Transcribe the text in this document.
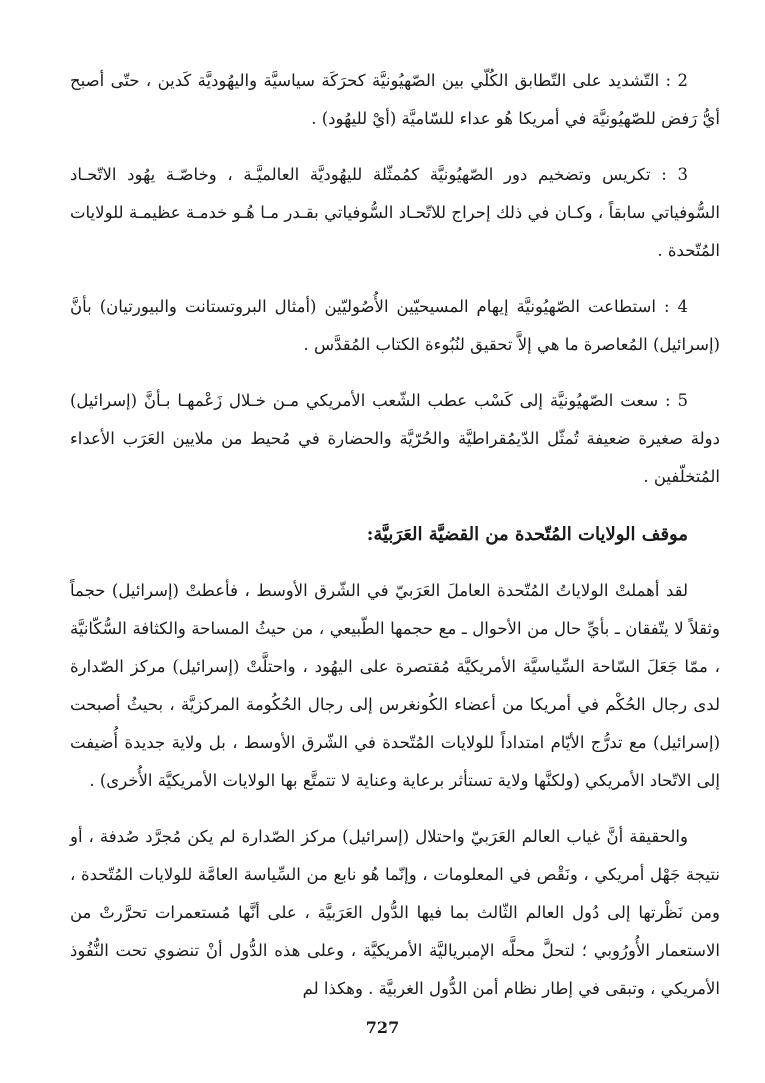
2 : التّشديد على التّطابق الكُلّي بين الصّهيُونيَّة كحرَكَة سياسيَّة واليهُوديَّة كَدين ، حتّى أصبح أيُّ رَفض للصّهيُونيَّة في أمريكا هُو عداء للسّاميَّة (أيْ لليهُود) .

3 : تكريس وتضخيم دور الصّهيُونيَّة كمُمثّلة لليهُوديَّة العالميَّـة ، وخاصّـة يهُود الاتّحـاد السُّوفياتي سابقاً ، وكـان في ذلك إحراج للاتّحـاد السُّوفياتي بقـدر مـا هُـو خدمـة عظيمـة للولايات المُتّحدة .

4 : استطاعت الصّهيُونيَّة إيهام المسيحيّين الأُصُوليّين (أمثال البروتستانت والبيورتيان) بأنَّ (إسرائيل) المُعاصرة ما هي إلاَّ تحقيق لنُبُوءة الكتاب المُقدَّس .

5 : سعت الصّهيُونيَّة إلى كَسْب عطب الشّعب الأمريكي مـن خـلال زَعْمهـا بـأنَّ (إسرائيل) دولة صغيرة ضعيفة تُمثّل الدّيمُقراطيَّة والحُرّيَّة والحضارة في مُحيط من ملايين العَرَب الأعداء المُتخلّفين .

موقف الولايات المُتّحدة من القضيَّة العَرَبيَّة:

لقد أهملتْ الولاياتُ المُتّحدة العاملَ العَرَبيّ في الشّرق الأوسط ، فأعطتْ (إسرائيل) حجماً وثقلاً لا يتّفقان ـ بأيِّ حال من الأحوال ـ مع حجمها الطّبيعي ، من حيثُ المساحة والكثافة السُّكّانيَّة ، ممّا جَعَلَ السّاحة السِّياسيَّة الأمريكيَّة مُقتصرة على اليهُود ، واحتلَّتْ (إسرائيل) مركز الصّدارة لدى رجال الحُكْم في أمريكا من أعضاء الكُونغرس إلى رجال الحُكُومة المركزيَّة ، بحيثُ أصبحت (إسرائيل) مع تدرُّج الأيّام امتداداً للولايات المُتّحدة في الشّرق الأوسط ، بل ولاية جديدة أُضيفت إلى الاتّحاد الأمريكي (ولكنَّها ولاية تستأثر برعاية وعناية لا تتمتَّع بها الولايات الأمريكيَّة الأُخرى) .

والحقيقة أنَّ غياب العالم العَرَبيّ واحتلال (إسرائيل) مركز الصّدارة لم يكن مُجرَّد صُدفة ، أو نتيجة جَهْل أمريكي ، ونَقْص في المعلومات ، وإنّما هُو نابع من السِّياسة العامَّة للولايات المُتّحدة ، ومن نَظْرتها إلى دُول العالم الثّالث بما فيها الدُّول العَرَبيَّة ، على أنَّها مُستعمرات تحرَّرتْ من الاستعمار الأُورُوبي ؛ لتحلَّ محلَّه الإمبرياليَّة الأمريكيَّة ، وعلى هذه الدُّول أنْ تنضوي تحت النُّفُوذ الأمريكي ، وتبقى في إطار نظام أمن الدُّول الغربيَّة . وهكذا لم

727
